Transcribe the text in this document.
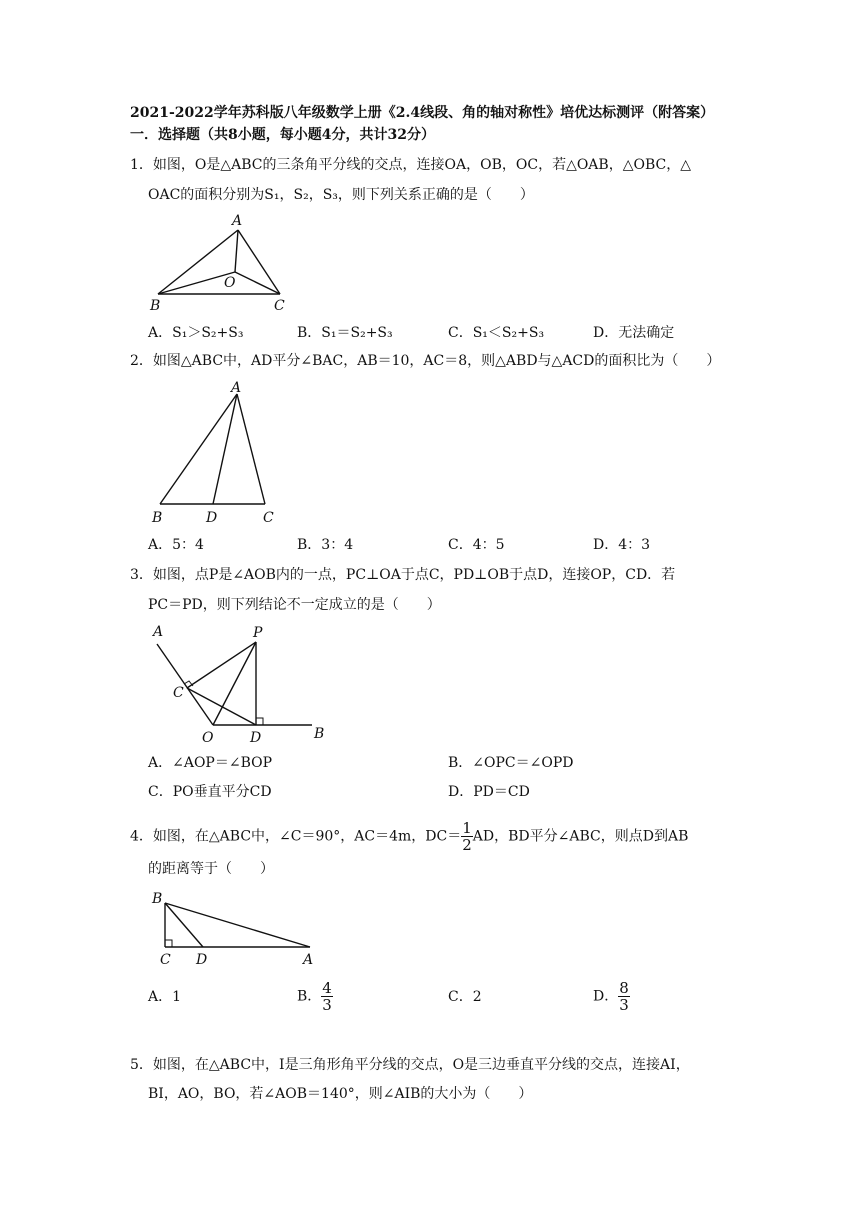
2021-2022学年苏科版八年级数学上册《2.4线段、角的轴对称性》培优达标测评（附答案）
一．选择题（共8小题，每小题4分，共计32分）
1．如图，O是△ABC的三条角平分线的交点，连接OA，OB，OC，若△OAB，△OBC，△
OAC的面积分别为S₁，S₂，S₃，则下列关系正确的是（　　）
A
O
B	C
A．S₁＞S₂+S₃	B．S₁＝S₂+S₃	C．S₁＜S₂+S₃	D．无法确定
2．如图△ABC中，AD平分∠BAC，AB＝10，AC＝8，则△ABD与△ACD的面积比为（　　）
A
B	D	C
A．5：4	B．3：4	C．4：5	D．4：3
3．如图，点P是∠AOB内的一点，PC⊥OA于点C，PD⊥OB于点D，连接OP，CD．若
PC＝PD，则下列结论不一定成立的是（　　）
A	P
C
O	D	B
A．∠AOP＝∠BOP	B．∠OPC＝∠OPD
C．PO垂直平分CD	D．PD＝CD
4．如图，在△ABC中，∠C＝90°，AC＝4m，$DC= \frac{1}{2}$ AD，BD平分∠ABC，则点D到AB
的距离等于（　　）
B
C D	A
A．1	B． $\frac{4}{3}$	C．2	D． $\frac{8}{3}$
5．如图，在△ABC中，I是三角形角平分线的交点，O是三边垂直平分线的交点，连接AI，
BI，AO，BO，若∠AOB＝140°，则∠AIB的大小为（　　）
